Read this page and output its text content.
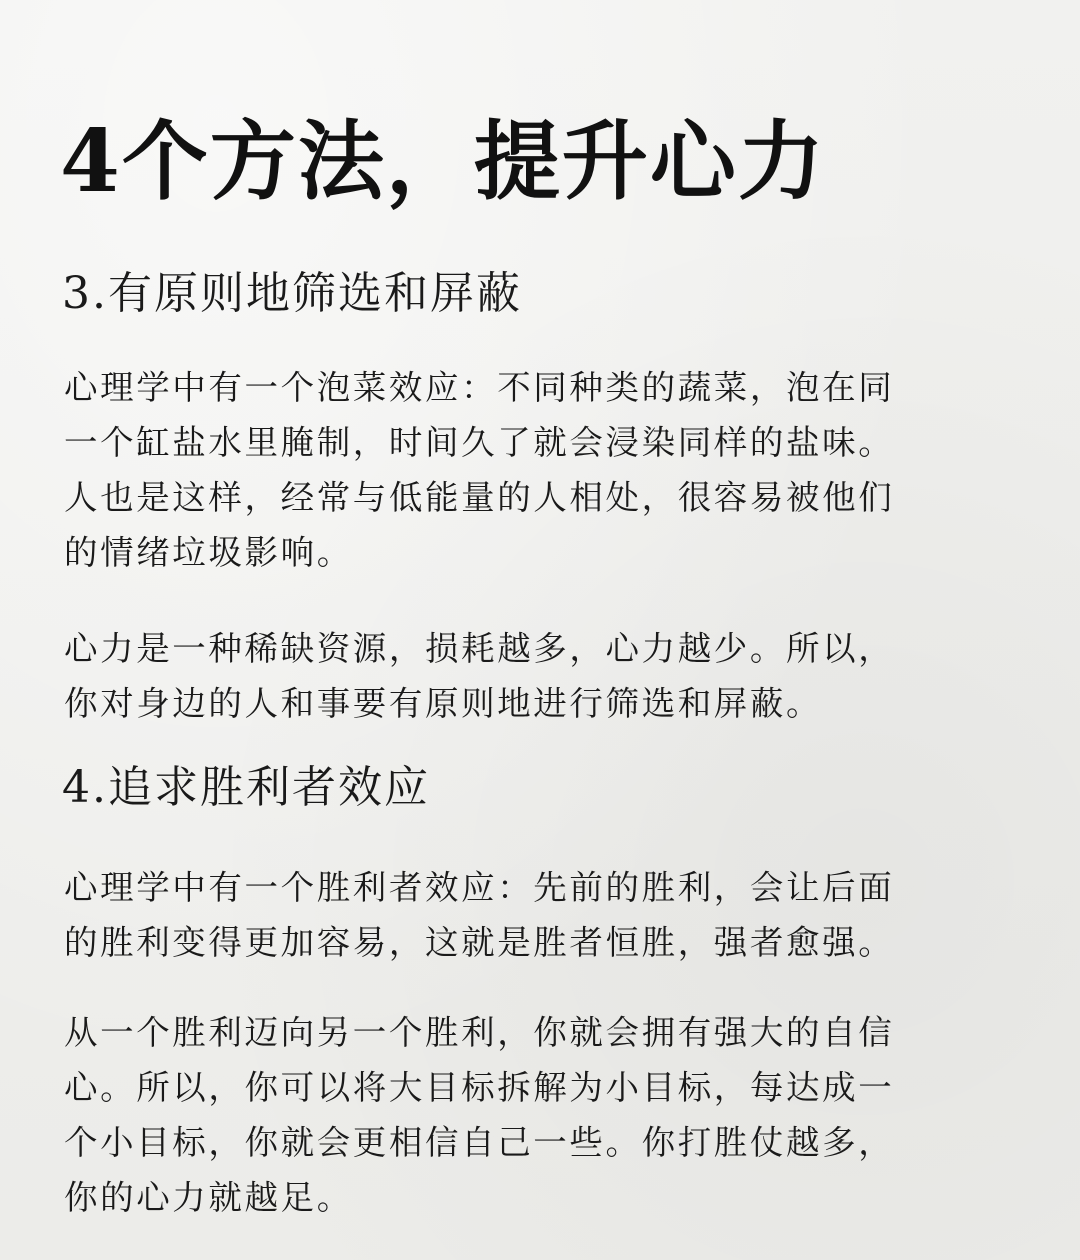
4个方法，提升心力
3.有原则地筛选和屏蔽

心理学中有一个泡菜效应：不同种类的蔬菜，泡在同
一个缸盐水里腌制，时间久了就会浸染同样的盐味。
人也是这样，经常与低能量的人相处，很容易被他们
的情绪垃圾影响。

心力是一种稀缺资源，损耗越多，心力越少。所以，
你对身边的人和事要有原则地进行筛选和屏蔽。

4.追求胜利者效应

心理学中有一个胜利者效应：先前的胜利，会让后面
的胜利变得更加容易，这就是胜者恒胜，强者愈强。

从一个胜利迈向另一个胜利，你就会拥有强大的自信
心。所以，你可以将大目标拆解为小目标，每达成一
个小目标，你就会更相信自己一些。你打胜仗越多，
你的心力就越足。
